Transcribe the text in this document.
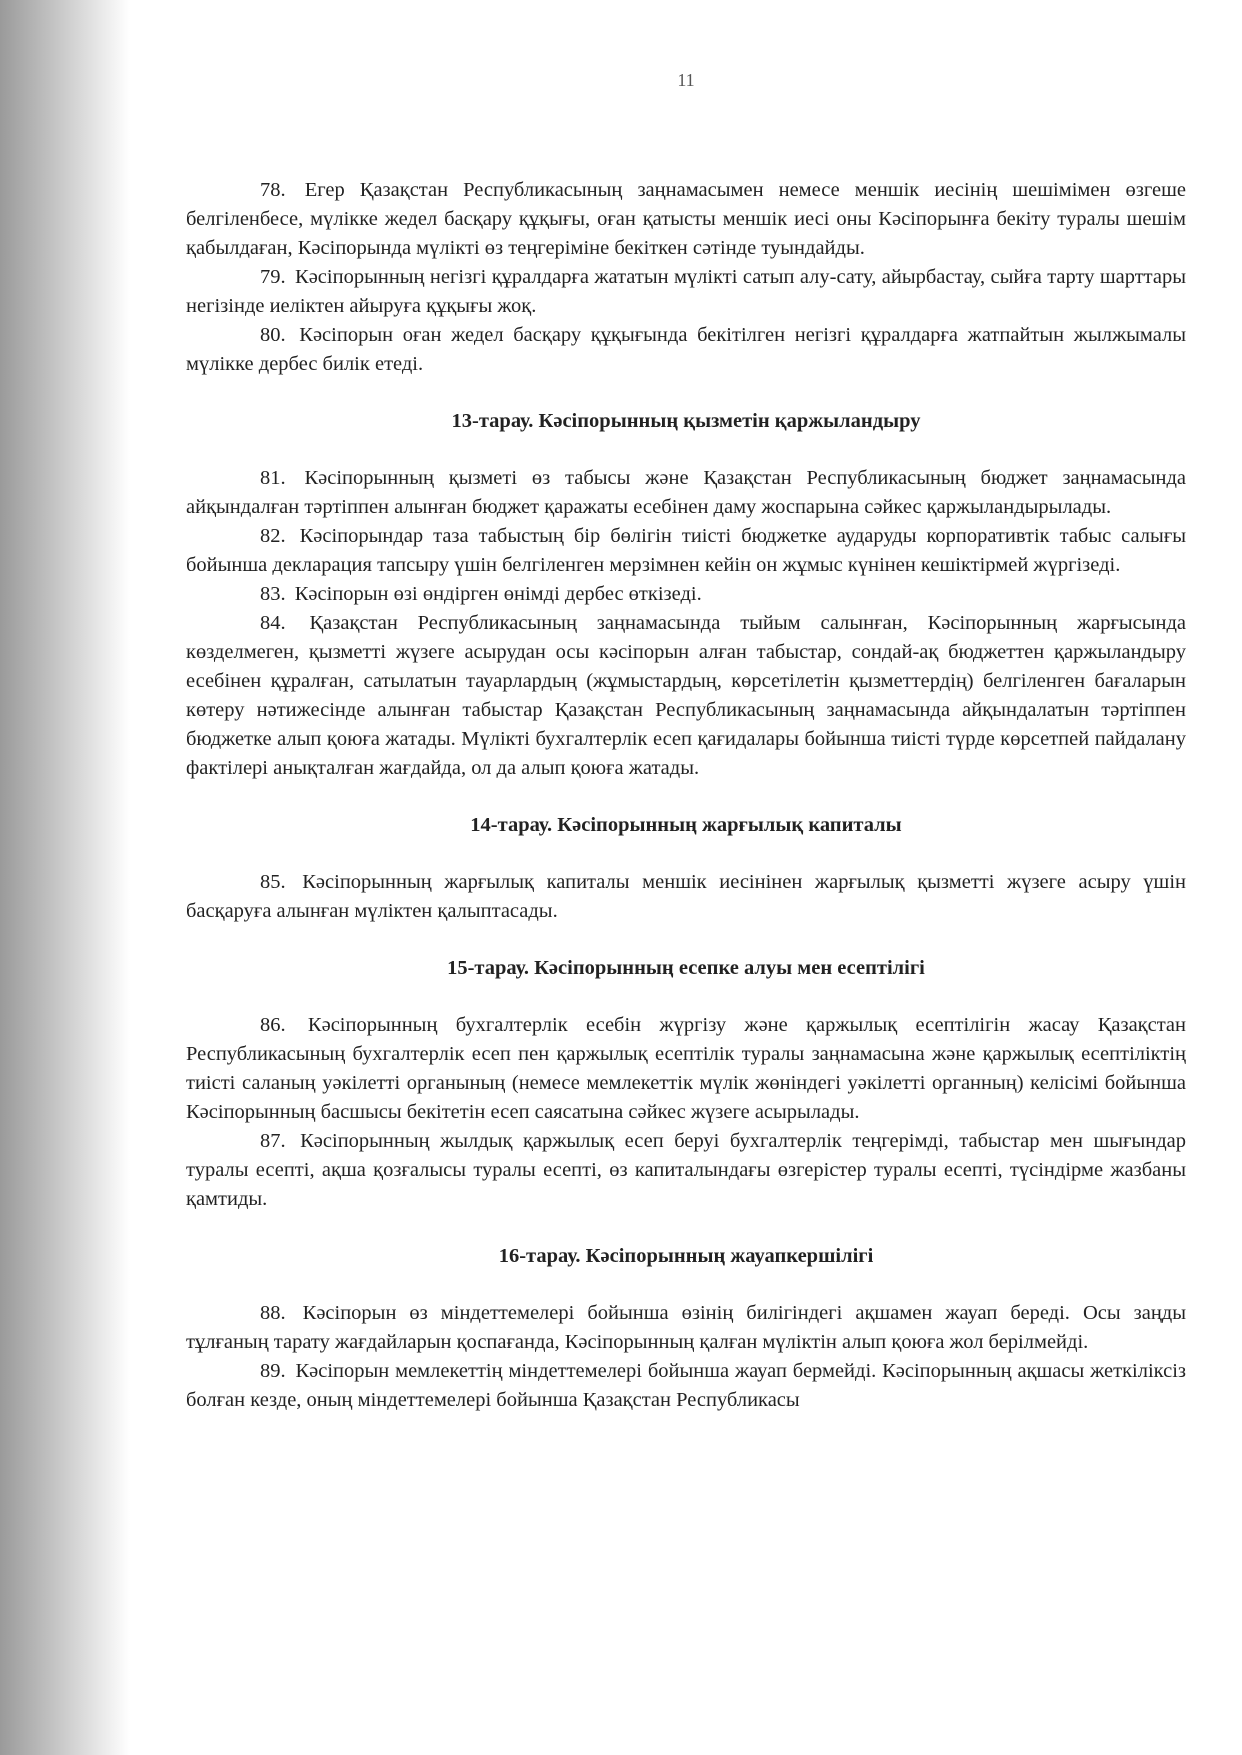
11

78. Егер Қазақстан Республикасының заңнамасымен немесе меншік иесінің шешімімен өзгеше белгіленбесе, мүлікке жедел басқару құқығы, оған қатысты меншік иесі оны Кәсіпорынға бекіту туралы шешім қабылдаған, Кәсіпорында мүлікті өз теңгеріміне бекіткен сәтінде туындайды.

79. Кәсіпорынның негізгі құралдарға жататын мүлікті сатып алу-сату, айырбастау, сыйға тарту шарттары негізінде иеліктен айыруға құқығы жоқ.

80. Кәсіпорын оған жедел басқару құқығында бекітілген негізгі құралдарға жатпайтын жылжымалы мүлікке дербес билік етеді.

13-тарау. Кәсіпорынның қызметін қаржыландыру

81. Кәсіпорынның қызметі өз табысы және Қазақстан Республикасының бюджет заңнамасында айқындалған тәртіппен алынған бюджет қаражаты есебінен даму жоспарына сәйкес қаржыландырылады.

82. Кәсіпорындар таза табыстың бір бөлігін тиісті бюджетке аударуды корпоративтік табыс салығы бойынша декларация тапсыру үшін белгіленген мерзімнен кейін он жұмыс күнінен кешіктірмей жүргізеді.

83. Кәсіпорын өзі өндірген өнімді дербес өткізеді.

84. Қазақстан Республикасының заңнамасында тыйым салынған, Кәсіпорынның жарғысында көзделмеген, қызметті жүзеге асырудан осы кәсіпорын алған табыстар, сондай-ақ бюджеттен қаржыландыру есебінен құралған, сатылатын тауарлардың (жұмыстардың, көрсетілетін қызметтердің) белгіленген бағаларын көтеру нәтижесінде алынған табыстар Қазақстан Республикасының заңнамасында айқындалатын тәртіппен бюджетке алып қоюға жатады. Мүлікті бухгалтерлік есеп қағидалары бойынша тиісті түрде көрсетпей пайдалану фактілері анықталған жағдайда, ол да алып қоюға жатады.

14-тарау. Кәсіпорынның жарғылық капиталы

85. Кәсіпорынның жарғылық капиталы меншік иесінінен жарғылық қызметті жүзеге асыру үшін басқаруға алынған мүліктен қалыптасады.

15-тарау. Кәсіпорынның есепке алуы мен есептілігі

86. Кәсіпорынның бухгалтерлік есебін жүргізу және қаржылық есептілігін жасау Қазақстан Республикасының бухгалтерлік есеп пен қаржылық есептілік туралы заңнамасына және қаржылық есептіліктің тиісті саланың уәкілетті органының (немесе мемлекеттік мүлік жөніндегі уәкілетті органның) келісімі бойынша Кәсіпорынның басшысы бекітетін есеп саясатына сәйкес жүзеге асырылады.

87. Кәсіпорынның жылдық қаржылық есеп беруі бухгалтерлік теңгерімді, табыстар мен шығындар туралы есепті, ақша қозғалысы туралы есепті, өз капиталындағы өзгерістер туралы есепті, түсіндірме жазбаны қамтиды.

16-тарау. Кәсіпорынның жауапкершілігі

88. Кәсіпорын өз міндеттемелері бойынша өзінің билігіндегі ақшамен жауап береді. Осы заңды тұлғаның тарату жағдайларын қоспағанда, Кәсіпорынның қалған мүліктін алып қоюға жол берілмейді.

89. Кәсіпорын мемлекеттің міндеттемелері бойынша жауап бермейді. Кәсіпорынның ақшасы жеткіліксіз болған кезде, оның міндеттемелері бойынша Қазақстан Республикасы
